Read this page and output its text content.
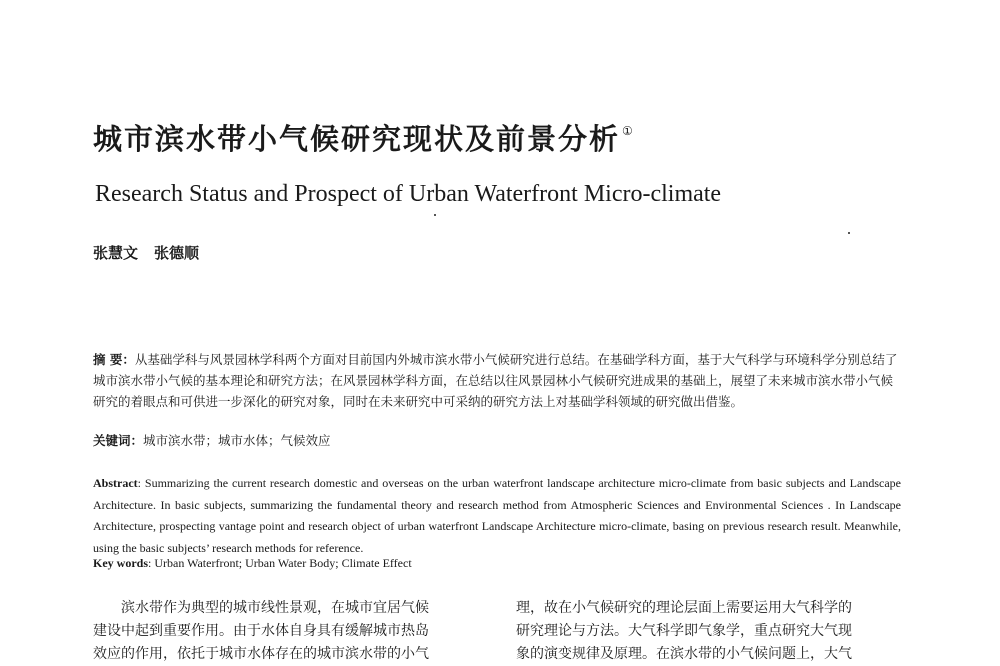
城市滨水带小气候研究现状及前景分析 ①
Research Status and Prospect of Urban Waterfront Micro-climate
张慧文 张德顺
摘 要：从基础学科与风景园林学科两个方面对目前国内外城市滨水带小气候研究进行总结。在基础学科方面，基于大气科学与环境科学分别总结了城市滨水带小气候的基本理论和研究方法；在风景园林学科方面，在总结以往风景园林小气候研究进成果的基础上，展望了未来城市滨水带小气候研究的着眼点和可供进一步深化的研究对象，同时在未来研究中可采纳的研究方法上对基础学科领域的研究做出借鉴。
关键词：城市滨水带；城市水体；气候效应
Abstract: Summarizing the current research domestic and overseas on the urban waterfront landscape architecture micro-climate from basic subjects and Landscape Architecture. In basic subjects, summarizing the fundamental theory and research method from Atmospheric Sciences and Environmental Sciences . In Landscape Architecture, prospecting vantage point and research object of urban waterfront Landscape Architecture micro-climate, basing on previous research result. Meanwhile, using the basic subjects’ research methods for reference.
Key words: Urban Waterfront; Urban Water Body; Climate Effect
滨水带作为典型的城市线性景观，在城市宜居气候
建设中起到重要作用。由于水体自身具有缓解城市热岛
效应的作用，依托于城市水体存在的城市滨水带的小气
理，故在小气候研究的理论层面上需要运用大气科学的
研究理论与方法。大气科学即气象学，重点研究大气现
象的演变规律及原理。在滨水带的小气候问题上，大气
